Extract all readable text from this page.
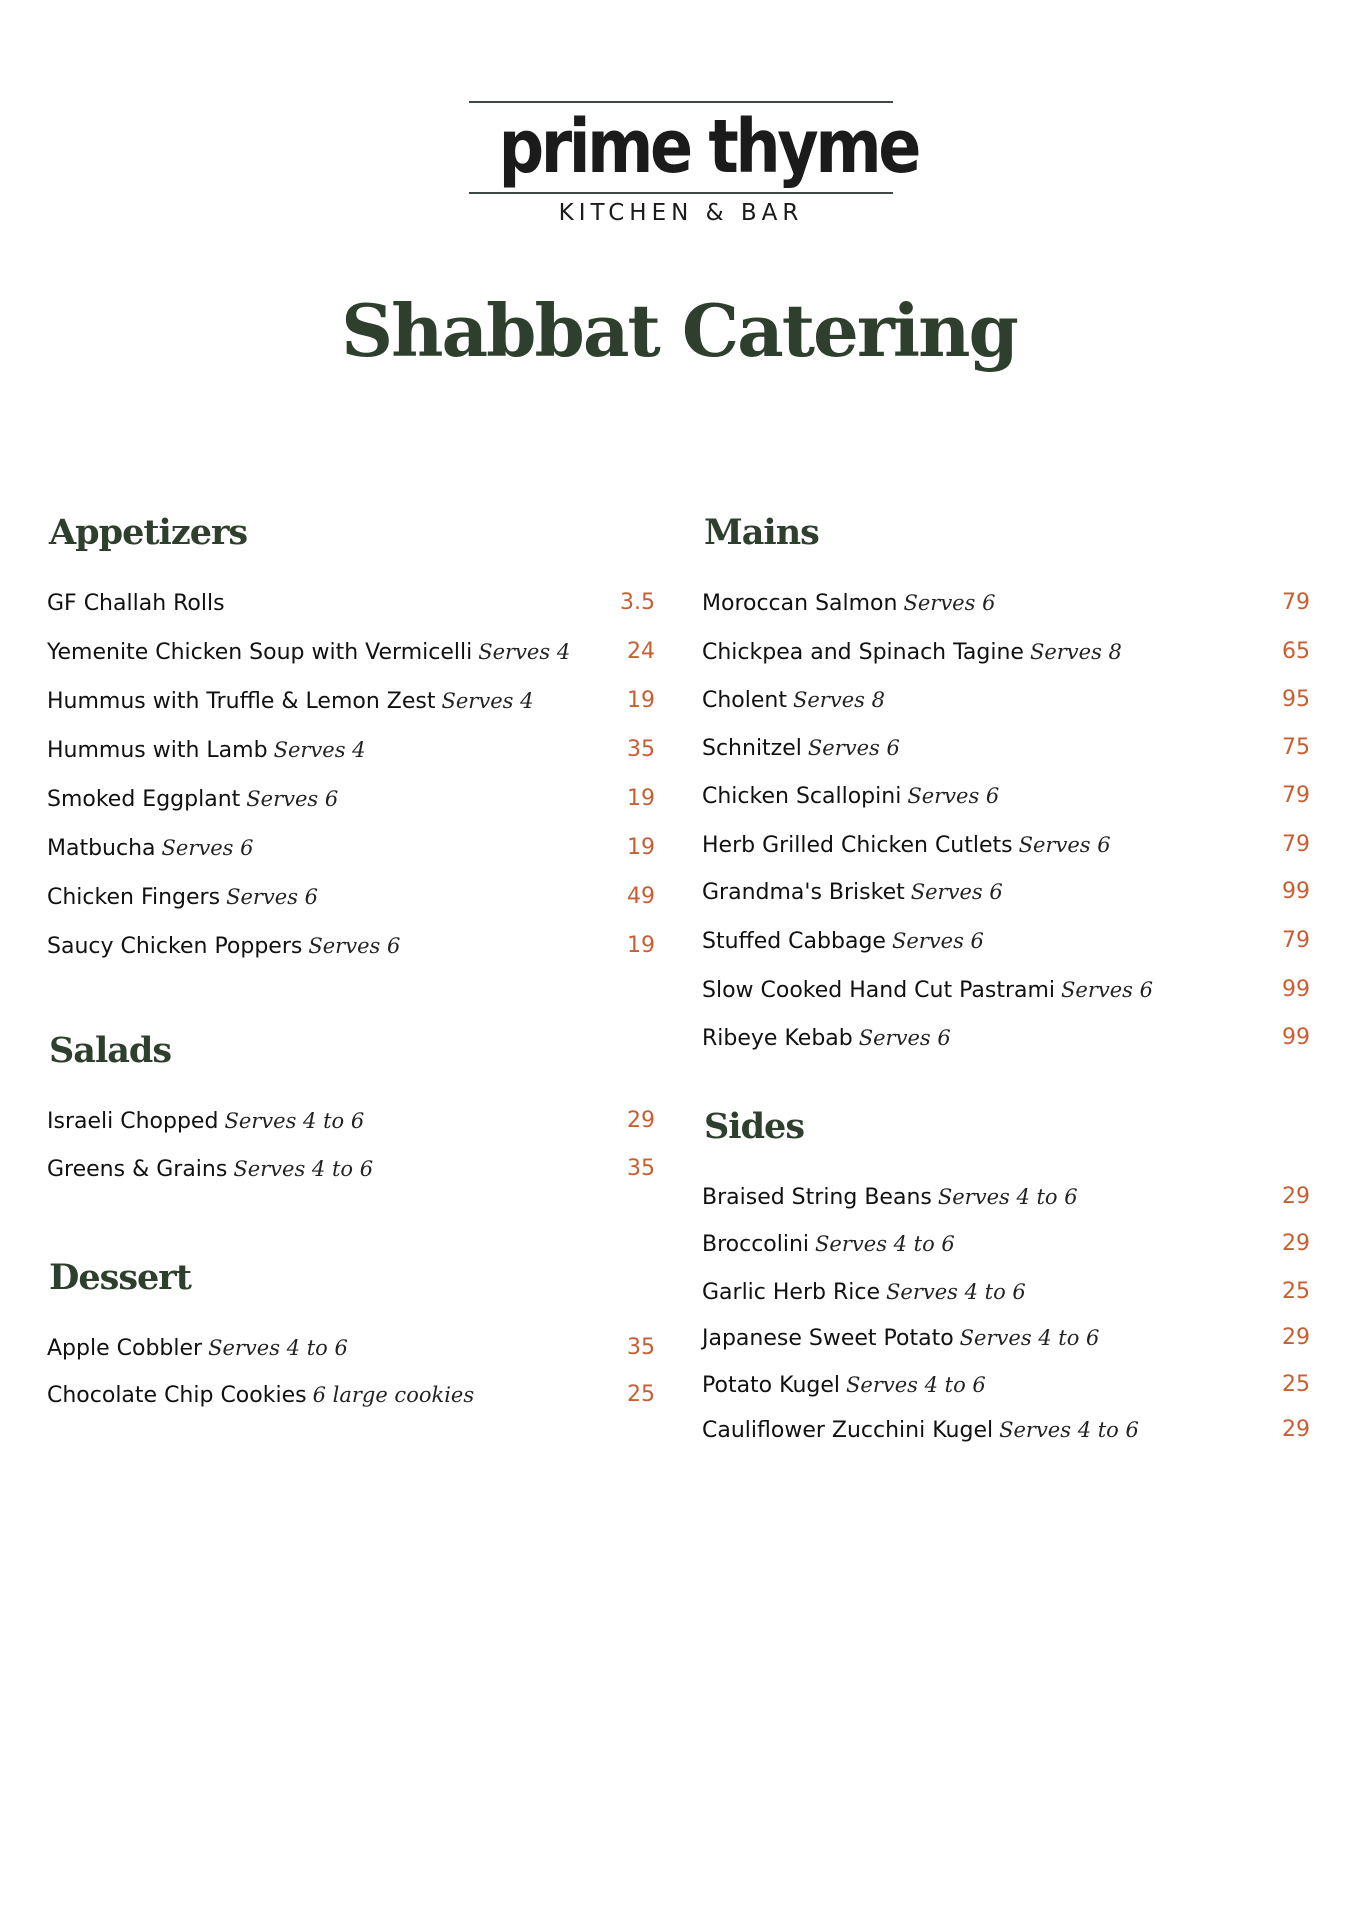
prime thyme
KITCHEN & BAR
Shabbat Catering
Appetizers
GF Challah Rolls	3.5
Yemenite Chicken Soup with Vermicelli Serves 4	24
Hummus with Truffle & Lemon Zest Serves 4	19
Hummus with Lamb Serves 4	35
Smoked Eggplant Serves 6	19
Matbucha Serves 6	19
Chicken Fingers Serves 6	49
Saucy Chicken Poppers Serves 6	19
Salads
Israeli Chopped Serves 4 to 6	29
Greens & Grains Serves 4 to 6	35
Dessert
Apple Cobbler Serves 4 to 6	35
Chocolate Chip Cookies 6 large cookies	25
Mains
Moroccan Salmon Serves 6	79
Chickpea and Spinach Tagine Serves 8	65
Cholent Serves 8	95
Schnitzel Serves 6	75
Chicken Scallopini Serves 6	79
Herb Grilled Chicken Cutlets Serves 6	79
Grandma's Brisket Serves 6	99
Stuffed Cabbage Serves 6	79
Slow Cooked Hand Cut Pastrami Serves 6	99
Ribeye Kebab Serves 6	99
Sides
Braised String Beans Serves 4 to 6	29
Broccolini Serves 4 to 6	29
Garlic Herb Rice Serves 4 to 6	25
Japanese Sweet Potato Serves 4 to 6	29
Potato Kugel Serves 4 to 6	25
Cauliflower Zucchini Kugel Serves 4 to 6	29
